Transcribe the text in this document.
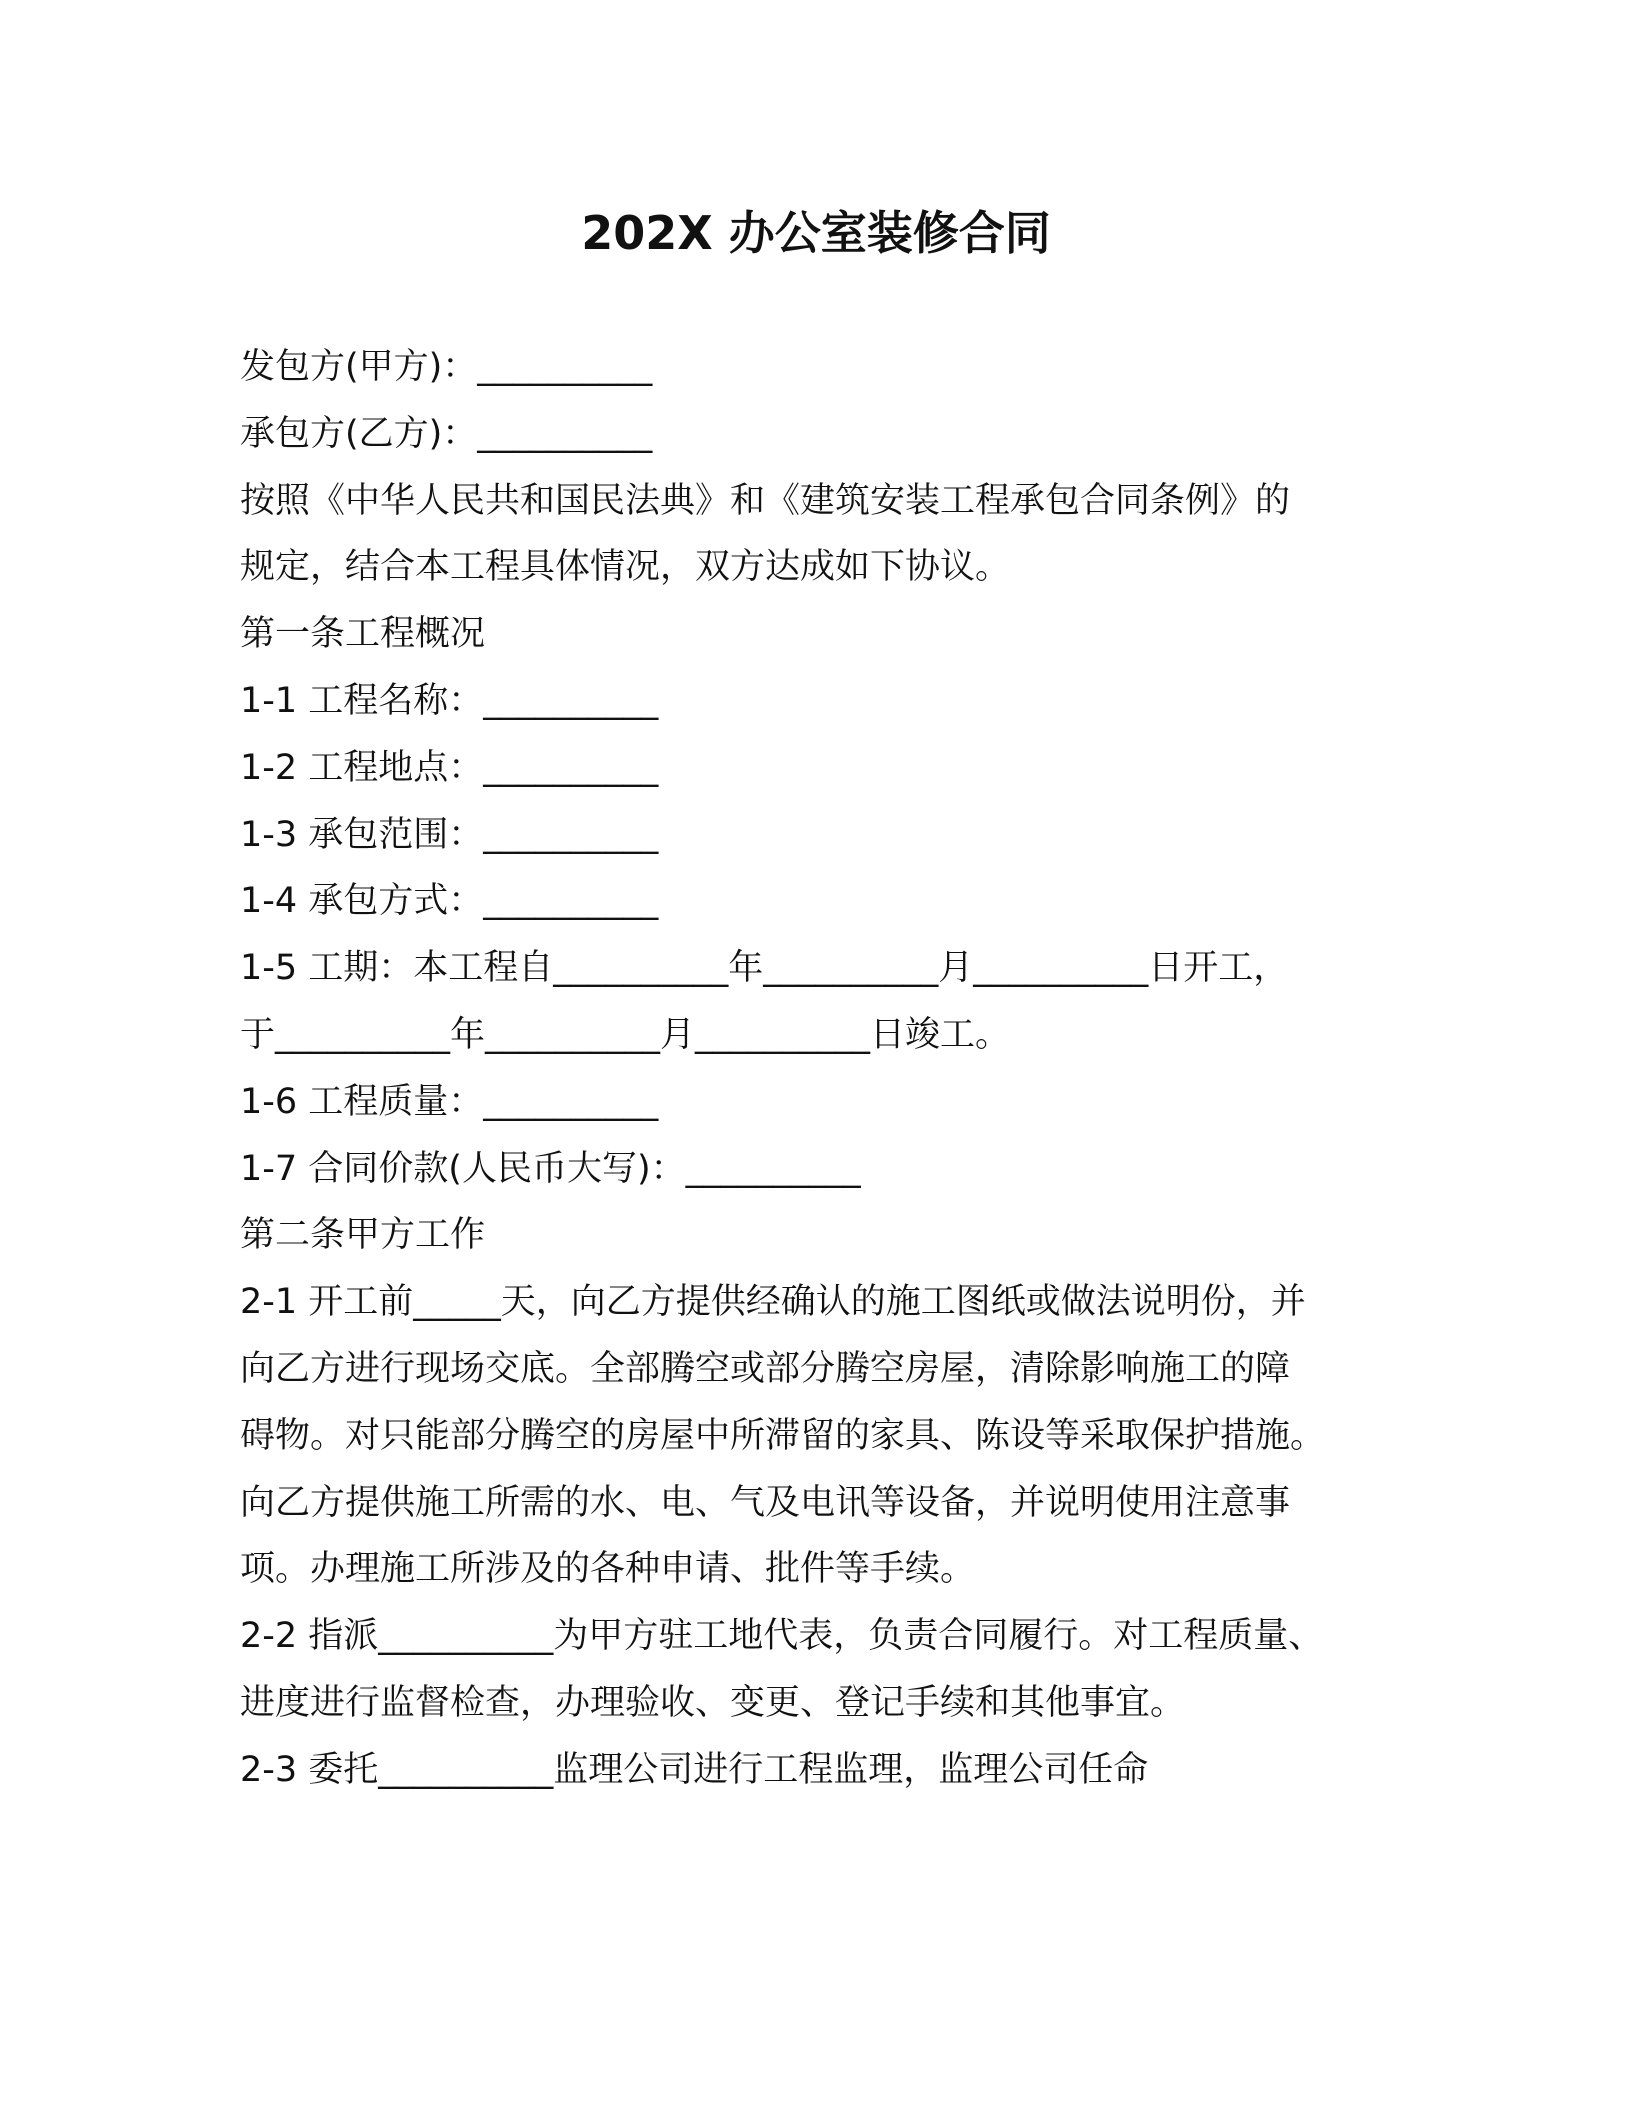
202X 办公室装修合同
发包方(甲方)：__________
承包方(乙方)：__________
按照《中华人民共和国民法典》和《建筑安装工程承包合同条例》的
规定，结合本工程具体情况，双方达成如下协议。
第一条工程概况
1-1 工程名称：__________
1-2 工程地点：__________
1-3 承包范围：__________
1-4 承包方式：__________
1-5 工期：本工程自__________年__________月__________日开工，
于__________年__________月__________日竣工。
1-6 工程质量：__________
1-7 合同价款(人民币大写)：__________
第二条甲方工作
2-1 开工前_____天，向乙方提供经确认的施工图纸或做法说明份，并
向乙方进行现场交底。全部腾空或部分腾空房屋，清除影响施工的障
碍物。对只能部分腾空的房屋中所滞留的家具、陈设等采取保护措施。
向乙方提供施工所需的水、电、气及电讯等设备，并说明使用注意事
项。办理施工所涉及的各种申请、批件等手续。
2-2 指派__________为甲方驻工地代表，负责合同履行。对工程质量、
进度进行监督检查，办理验收、变更、登记手续和其他事宜。
2-3 委托__________监理公司进行工程监理，监理公司任命
